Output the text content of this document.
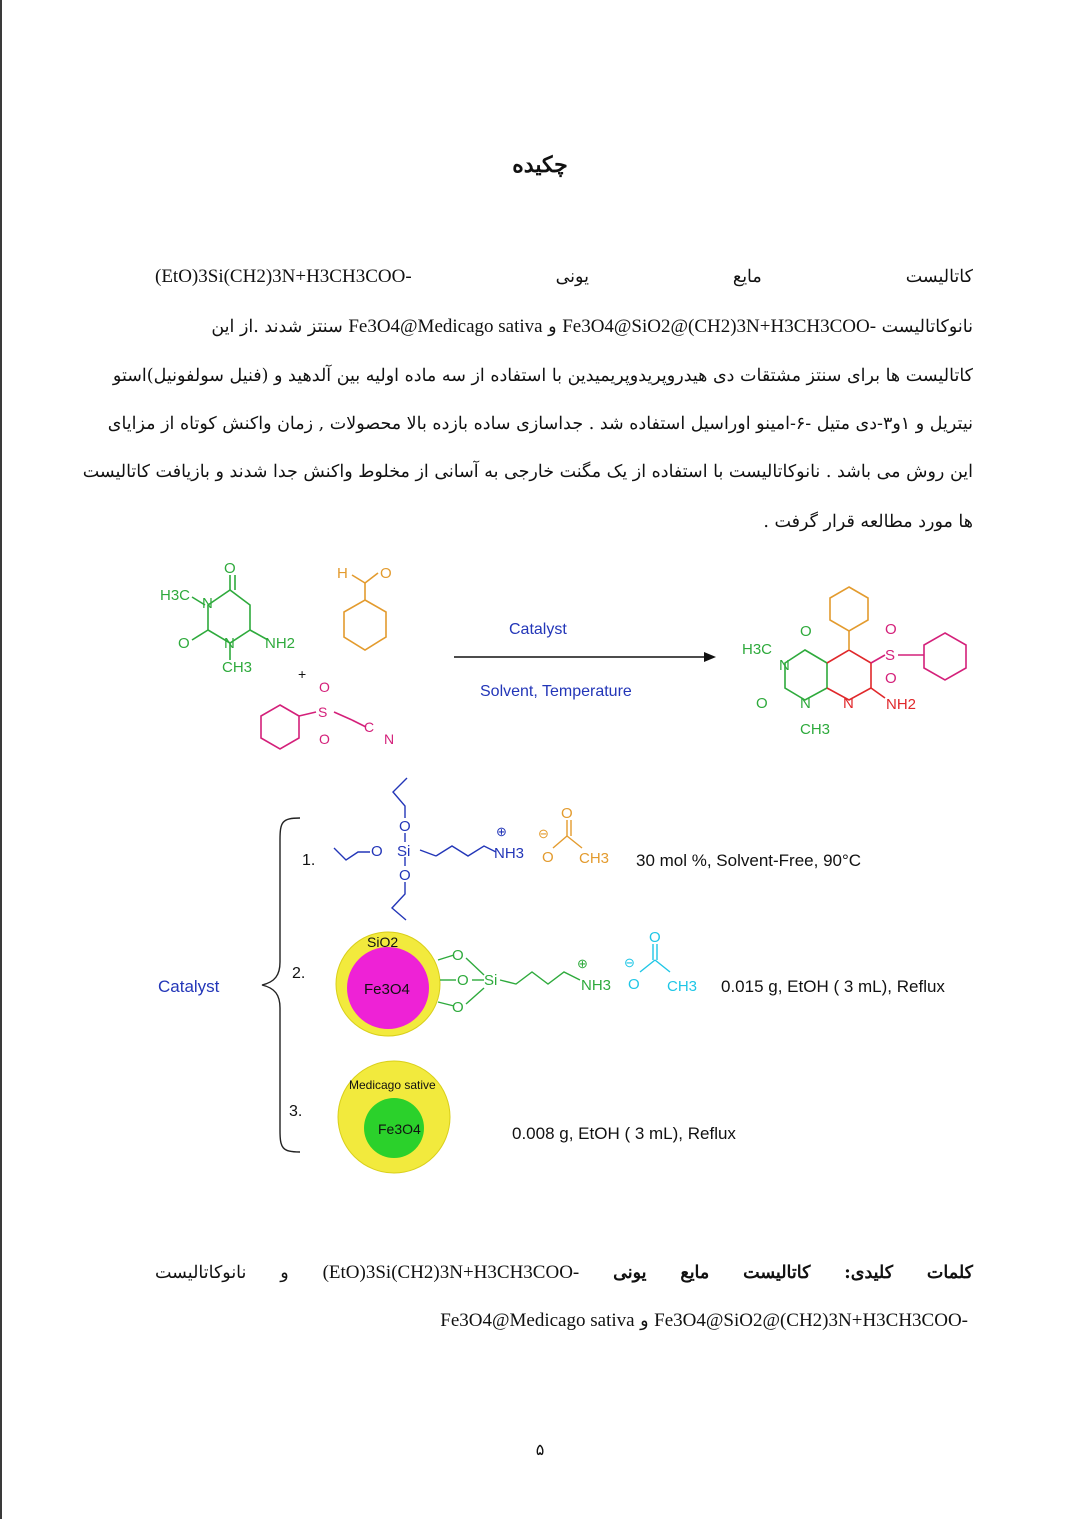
چکیده
کاتالیست مایع یونی (EtO)3Si(CH2)3N+H3CH3COO-
نانوکاتالیست Fe3O4@SiO2@(CH2)3N+H3CH3COO- و Fe3O4@Medicago sativa سنتز شدند .از این
کاتالیست ها برای سنتز مشتقات دی هیدروپریدوپریمیدین با استفاده از سه ماده اولیه بین آلدهید و (فنیل سولفونیل)استو
نیتریل و ۱و۳-دی متیل -۶-امینو اوراسیل استفاده شد . جداسازی ساده بازده بالا محصولات , زمان واکنش کوتاه از مزایای
این روش می باشد . نانوکاتالیست با استفاده از یک مگنت خارجی به آسانی از مخلوط واکنش جدا شدند و بازیافت کاتالیست
ها مورد مطالعه قرار گرفت .
H3C N
O
O N NH2
CH3
H O
+
S
O
O
C
N
Catalyst
Solvent, Temperature
H3C
N
O
O N
CH3
N NH2
S
O
O
Catalyst
1.
O
O Si
O
NH3
⊕
O
O
⊖
CH3 30 mol %, Solvent-Free, 90°C
2.
SiO2
Fe3O4
O
O
O
Si	NH3
⊕
O
O
⊖
CH3 0.015 g, EtOH ( 3 mL), Reflux
3.
Medicago sative
Fe3O4	0.008 g, EtOH ( 3 mL), Reflux
کلمات کلیدی: کاتالیست مایع یونی (EtO)3Si(CH2)3N+H3CH3COO- و نانوکاتالیست
Fe3O4@SiO2@(CH2)3N+H3CH3COO- و Fe3O4@Medicago sativa
۵
